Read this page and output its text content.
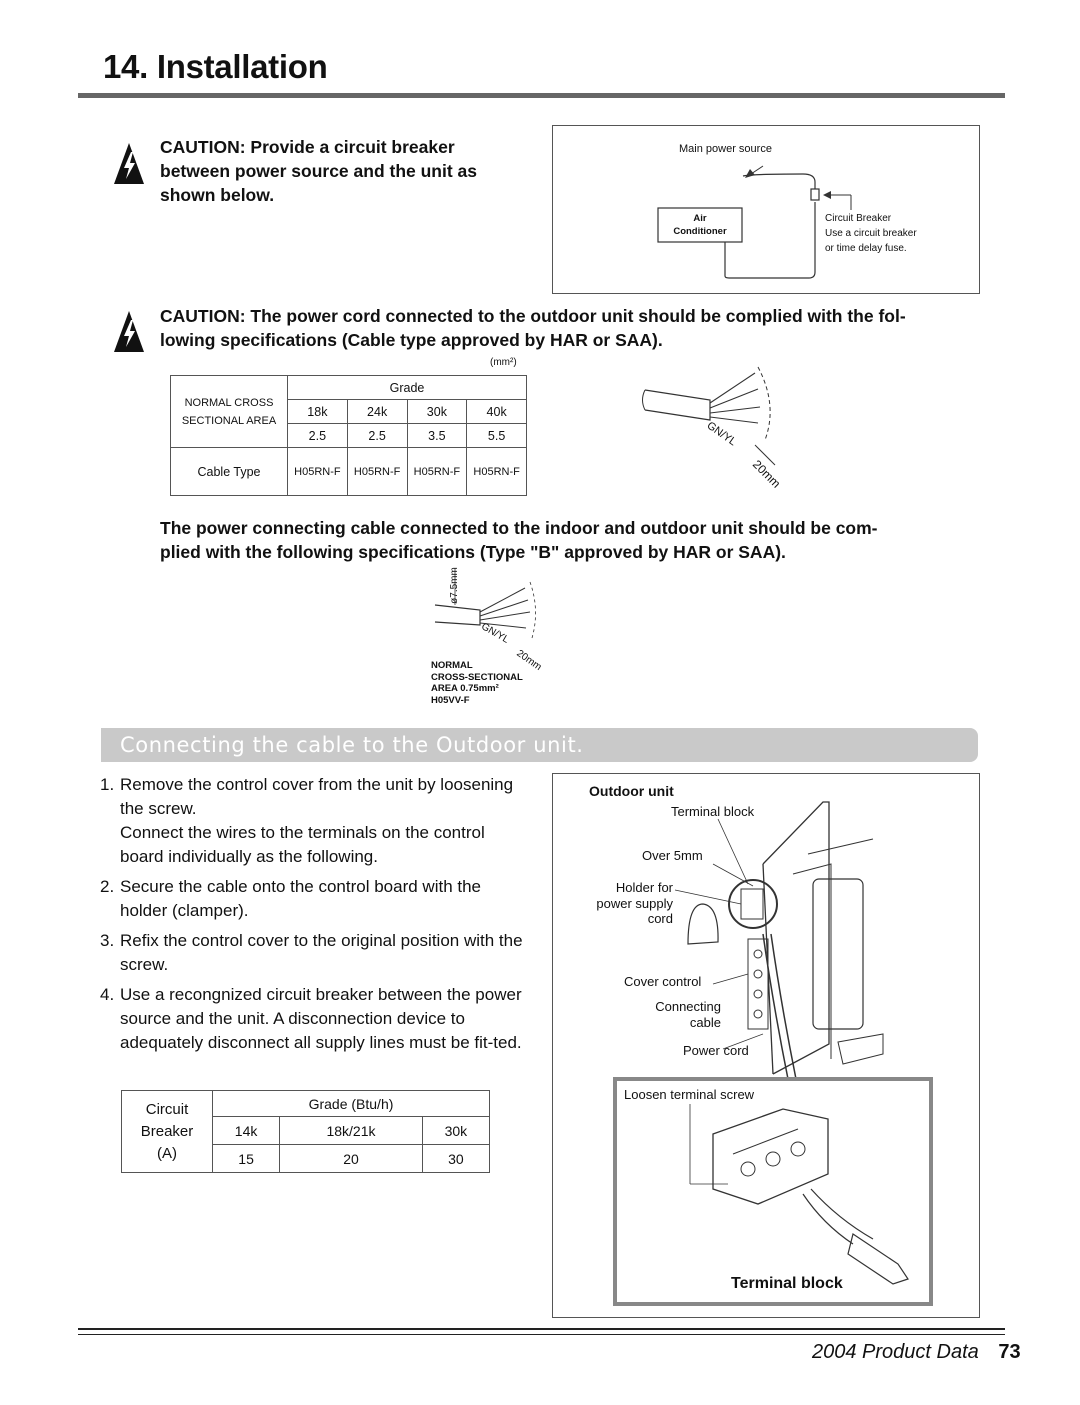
14. Installation
CAUTION: Provide a circuit breaker
between power source and the unit as
shown below.
Main power source
Air
Conditioner
Circuit Breaker
Use a circuit breaker
or time delay fuse.
CAUTION: The power cord connected to the outdoor unit should be complied with the fol-
lowing specifications (Cable type approved by HAR or SAA).
(mm²)
NORMAL CROSS
SECTIONAL AREA	Grade			
	18k	24k	30k	40k
	2.5	2.5	3.5	5.5
Cable Type	H05RN-F	H05RN-F	H05RN-F	H05RN-F
GN/YL
20mm
The power connecting cable connected to the indoor and outdoor unit should be com-
plied with the following specifications (Type "B" approved by HAR or SAA).
ø7.5mm
GN/YL
20mm
NORMAL
CROSS-SECTIONAL
AREA 0.75mm²
H05VV-F
Connecting the cable to the Outdoor unit.
1. Remove the control cover from the unit by loosening the screw.

Connect the wires to the terminals on the control board individually as the following.

2. Secure the cable onto the control board with the holder (clamper).

3. Refix the control cover to the original position with the screw.

4. Use a recongnized circuit breaker between the power source and the unit. A disconnection device to adequately disconnect all supply lines must be fit-ted.

Circuit
Breaker
(A)	Grade (Btu/h)		
	14k	18k/21k	30k
	15	20	30
Outdoor unit
Terminal block
Over 5mm
Holder for
power supply
cord
Cover control
Connecting
cable
Power cord
Loosen terminal screw
Terminal block
2004 Product Data 73
